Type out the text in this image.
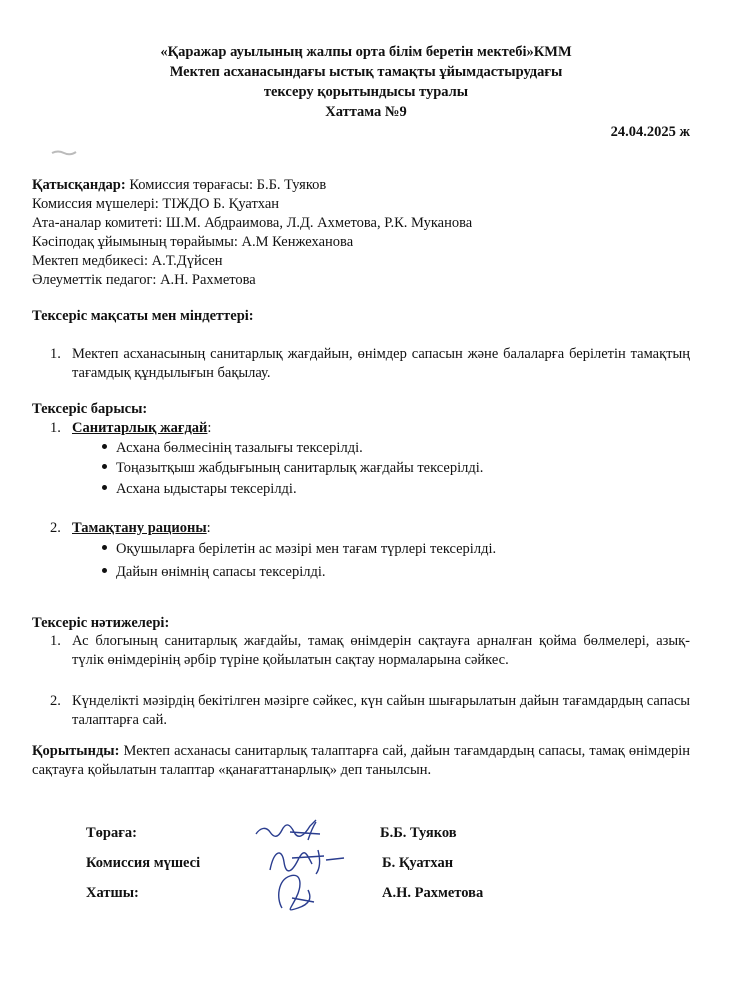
«Қаражар ауылының жалпы орта білім беретін мектебі»КММ
Мектеп асханасындағы ыстық тамақты ұйымдастырудағы
тексеру қорытындысы туралы
Хаттама №9
24.04.2025 ж
Қатысқандар: Комиссия төрағасы: Б.Б. Туяков
Комиссия мүшелері: ТІЖДО Б. Қуатхан
Ата-аналар комитеті: Ш.М. Абдраимова, Л.Д. Ахметова, Р.К. Муканова
Кәсіподақ ұйымының төрайымы: А.М Кенжеханова
Мектеп медбикесі: А.Т.Дүйсен
Әлеуметтік педагог: А.Н. Рахметова
Тексеріс мақсаты мен міндеттері:
1. Мектеп асханасының санитарлық жағдайын, өнімдер сапасын және балаларға берілетін тамақтың тағамдық құндылығын бақылау.
Тексеріс барысы:
1. Санитарлық жағдай:
Асхана бөлмесінің тазалығы тексерілді.
Тоңазытқыш жабдығының санитарлық жағдайы тексерілді.
Асхана ыдыстары тексерілді.
2. Тамақтану рационы:
Оқушыларға берілетін ас мәзірі мен тағам түрлері тексерілді.
Дайын өнімнің сапасы тексерілді.
Тексеріс нәтижелері:
1. Ас блогының санитарлық жағдайы, тамақ өнімдерін сақтауға арналған қойма бөлмелері, азық-түлік өнімдерінің әрбір түріне қойылатын сақтау нормаларына сәйкес.
2. Күнделікті мәзірдің бекітілген мәзірге сәйкес, күн сайын шығарылатын дайын тағамдардың сапасы талаптарға сай.
Қорытынды: Мектеп асханасы санитарлық талаптарға сай, дайын тағамдардың сапасы, тамақ өнімдерін сақтауға қойылатын талаптар «қанағаттанарлық» деп танылсын.
Төраға:	Б.Б. Туяков
Комиссия мүшесі	Б. Қуатхан
Хатшы:	А.Н. Рахметова
